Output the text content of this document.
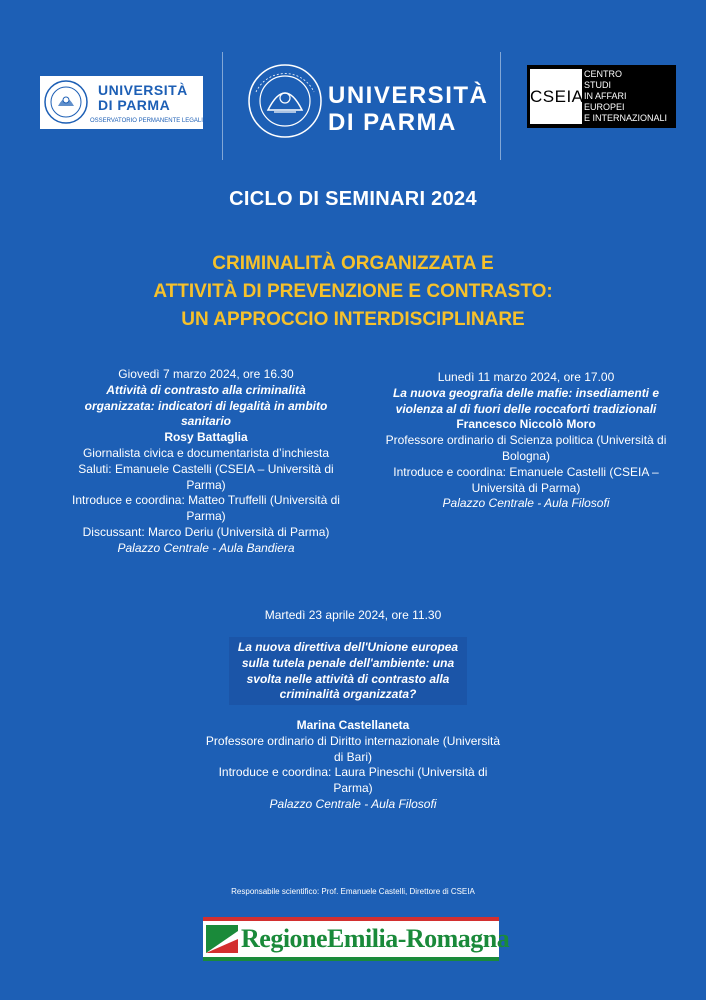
UNIVERSITÀ
DI PARMA
OSSERVATORIO PERMANENTE LEGALITÀ
UNIVERSITÀ
DI PARMA
CSEIA
CENTRO
STUDI
IN AFFARI
EUROPEI
E INTERNAZIONALI
CICLO DI SEMINARI 2024
CRIMINALITÀ ORGANIZZATA E
ATTIVITÀ DI PREVENZIONE E CONTRASTO:
UN APPROCCIO INTERDISCIPLINARE
Giovedì 7 marzo 2024, ore 16.30
Attività di contrasto alla criminalità organizzata: indicatori di legalità in ambito sanitario
Rosy Battaglia
Giornalista civica e documentarista d’inchiesta
Saluti: Emanuele Castelli (CSEIA – Università di Parma)
Introduce e coordina: Matteo Truffelli (Università di Parma)
Discussant: Marco Deriu (Università di Parma)
Palazzo Centrale - Aula Bandiera
Lunedì 11 marzo 2024, ore 17.00
La nuova geografia delle mafie: insediamenti e violenza al di fuori delle roccaforti tradizionali
Francesco Niccolò Moro
Professore ordinario di Scienza politica (Università di Bologna)
Introduce e coordina: Emanuele Castelli (CSEIA – Università di Parma)
Palazzo Centrale - Aula Filosofi
Martedì 23 aprile 2024, ore 11.30
La nuova direttiva dell'Unione europea sulla tutela penale dell'ambiente: una svolta nelle attività di contrasto alla criminalità organizzata?
Marina Castellaneta
Professore ordinario di Diritto internazionale (Università di Bari)
Introduce e coordina: Laura Pineschi (Università di Parma)
Palazzo Centrale - Aula Filosofi
Responsabile scientifico: Prof. Emanuele Castelli, Direttore di CSEIA
RegioneEmilia-Romagna
